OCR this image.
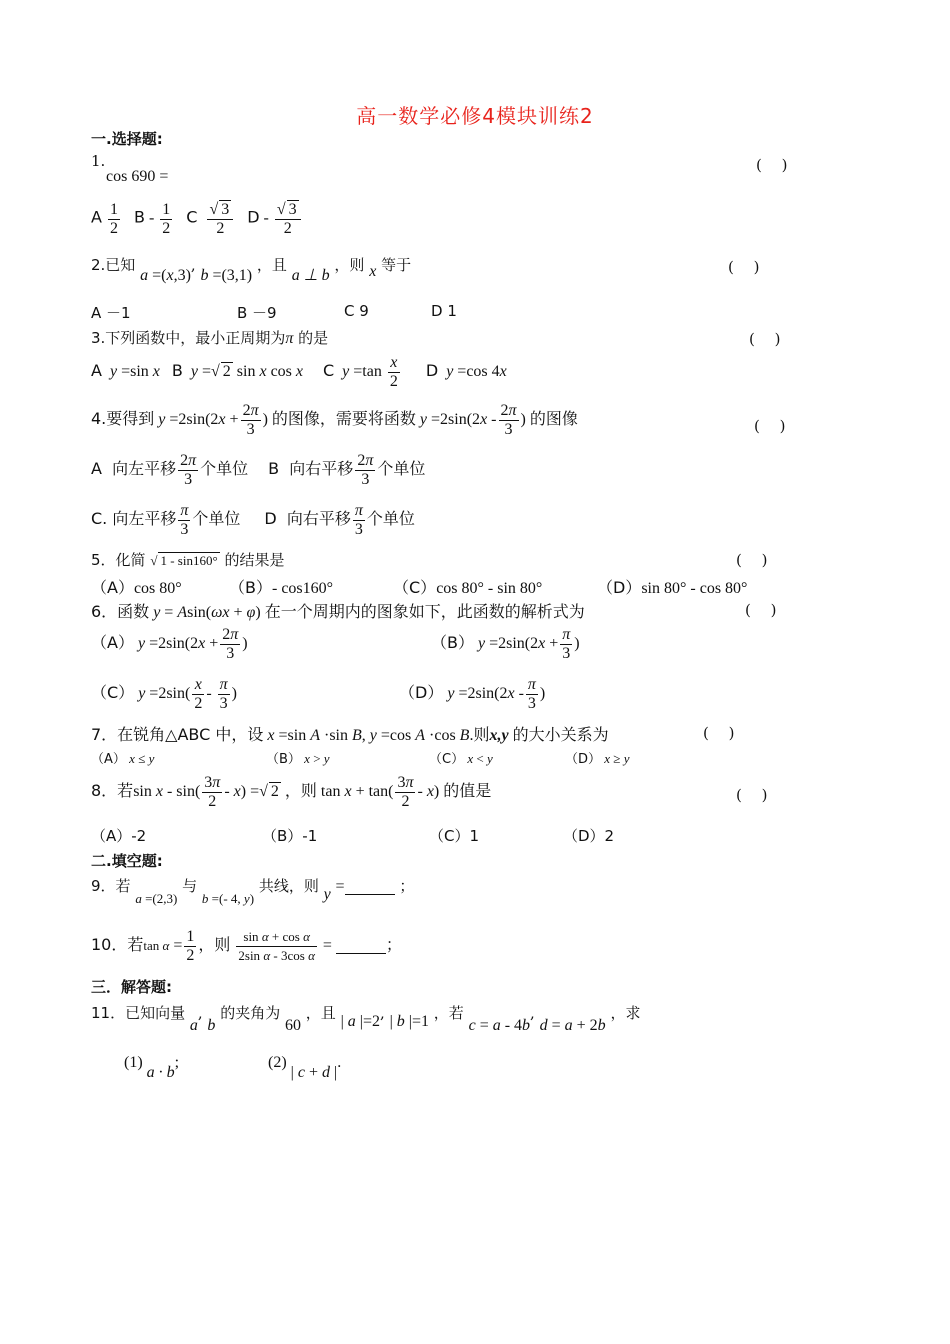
高一数学必修4模块训练2
一.选择题:
1.
cos 690 =
(　 )
A $\frac{1}{2}$ B - $\frac{1}{2}$ C $\frac{√ 3}{2}$ D - $\frac{√ 3}{2}$
2.已知 a =(x,3), b =(3,1) ，且 a ⊥ b ，则 x 等于	(　 )
A －1	B －9	C 9	D 1
3.下列函数中，最小正周期为π 的是	(　 )
A y =sin x B y =√ 2 sin x cos x C $y =\tan \frac{x}{2}$ D y =cos 4x
4.要得到 $y =2\sin(2x + \frac{2\pi}{3}$ ) 的图像，需要将函数 $y =2\sin(2x - \frac{2\pi}{3}$ ) 的图像	(　 )
A  向左平移 $\frac{2\pi}{3}$ 个单位 B  向右平移 $\frac{2\pi}{3}$ 个单位
C. 向左平移 $\frac{\pi}{3}$ 个单位 D  向右平移 $\frac{\pi}{3}$ 个单位
5．化简 √ 1 - sin160° 的结果是	(　 )
（A）cos 80°	（B）- cos160°	（C）cos 80° - sin 80°	（D）sin 80° - cos 80°
6．函数 y = Asin(ωx + φ) 在一个周期内的图象如下，此函数的解析式为	(　 )
（A） $y =2\sin(2x + \frac{2\pi}{3}$ )	（B） $y =2\sin(2x + \frac{\pi}{3}$ )
（C） $y =2\sin( \frac{x}{2} - \frac{\pi}{3}$ )	（D） $y =2\sin(2x - \frac{\pi}{3}$ )
7．在锐角△ABC 中，设 x =sin A ·sin B, y =cos A ·cos B.则x,y 的大小关系为	(　 )
（A） x ≤ y	（B） x > y	（C） x < y	（D） x ≥ y
8．若sin x - $\sin( \frac{3\pi}{2} - x)$ =√ 2 ，则 $\tan x + \tan( \frac{3\pi}{2} - x)$ 的值是	(　 )
（A）-2	（B）-1	（C）1	（D）2
二.填空题:
9．若 a =(2,3) 与 b =(- 4, y) 共线，则 y =	；
10．若$\tan \alpha = \frac{1}{2}$ ，则 $\frac{\text{sin α + cos α}}{\text{2sin α - 3cos α}}$ =	；
三．解答题:
11．已知向量 a, b 的夹角为 60 ，且 | a |=2, | b |=1 ，若 c = a - 4b, d = a + 2b ，求
(1) a · b;	(2) | c + d |.
